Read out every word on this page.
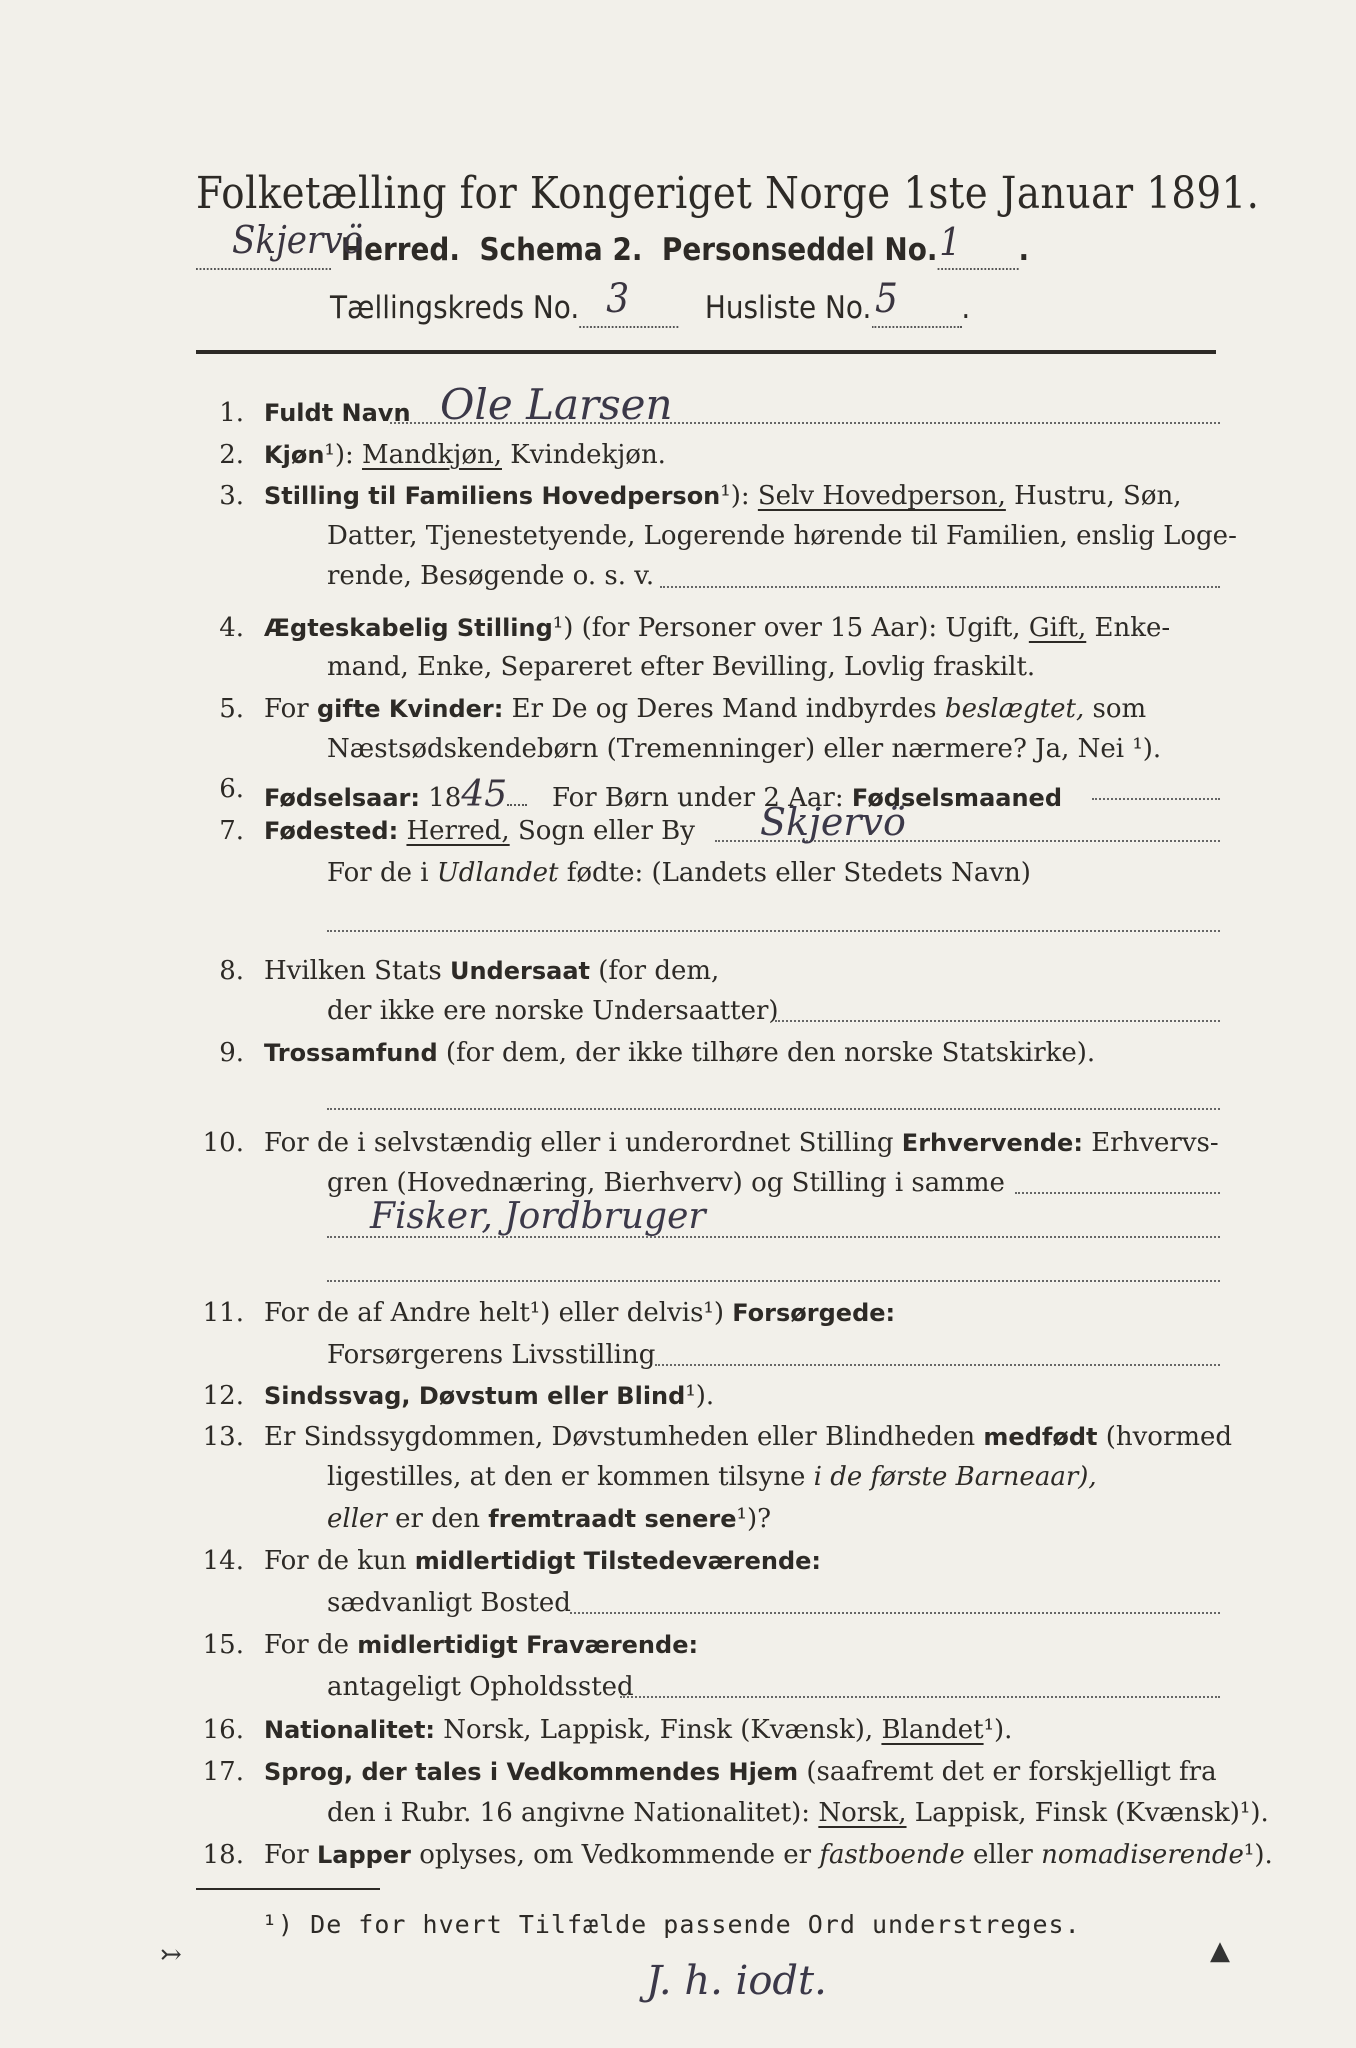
Folketælling for Kongeriget Norge 1ste Januar 1891.
Skjervö
Herred. Schema 2. Personseddel No. 1 .
Tællingskreds No. 3 Husliste No. 5 .
1. Fuldt Navn Ole Larsen
2. Kjøn¹): Mandkjøn, Kvindekjøn.
3. Stilling til Familiens Hovedperson¹): Selv Hovedperson, Hustru, Søn,
Datter, Tjenestetyende, Logerende hørende til Familien, enslig Loge-
rende, Besøgende o. s. v.
4. Ægteskabelig Stilling¹) (for Personer over 15 Aar): Ugift, Gift, Enke-
mand, Enke, Separeret efter Bevilling, Lovlig fraskilt.
5. For gifte Kvinder: Er De og Deres Mand indbyrdes beslægtet, som
Næstsødskendebørn (Tremenninger) eller nærmere? Ja, Nei ¹).
6. Fødselsaar: 1845 For Børn under 2 Aar: Fødselsmaaned
7. Fødested: Herred, Sogn eller By Skjervö
For de i Udlandet fødte: (Landets eller Stedets Navn)
8. Hvilken Stats Undersaat (for dem,
der ikke ere norske Undersaatter)
9. Trossamfund (for dem, der ikke tilhøre den norske Statskirke).
10. For de i selvstændig eller i underordnet Stilling Erhvervende: Erhvervs-
gren (Hovednæring, Bierhverv) og Stilling i samme
Fisker, Jordbruger
11. For de af Andre helt¹) eller delvis¹) Forsørgede:
Forsørgerens Livsstilling
12. Sindssvag, Døvstum eller Blind¹).
13. Er Sindssygdommen, Døvstumheden eller Blindheden medfødt (hvormed
ligestilles, at den er kommen tilsyne i de første Barneaar),
eller er den fremtraadt senere¹)?
14. For de kun midlertidigt Tilstedeværende:
sædvanligt Bosted
15. For de midlertidigt Fraværende:
antageligt Opholdssted
16. Nationalitet: Norsk, Lappisk, Finsk (Kvænsk), Blandet¹).
17. Sprog, der tales i Vedkommendes Hjem (saafremt det er forskjelligt fra
den i Rubr. 16 angivne Nationalitet): Norsk, Lappisk, Finsk (Kvænsk)¹).
18. For Lapper oplyses, om Vedkommende er fastboende eller nomadiserende¹).
¹) De for hvert Tilfælde passende Ord understreges.
J. h. iodt.
↣	▲
